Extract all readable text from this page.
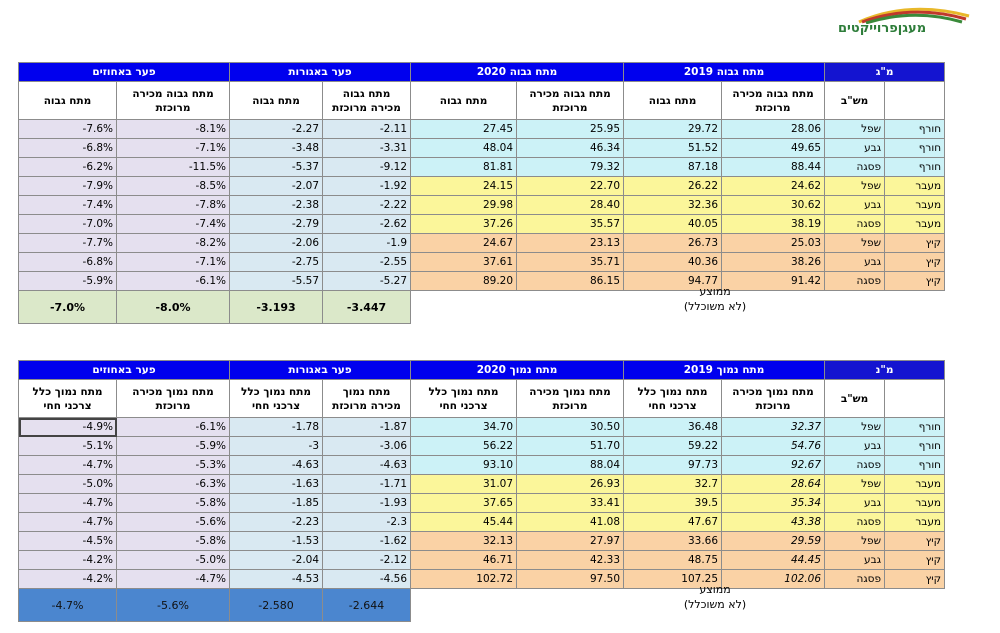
מעגןפרוייקטים
פער באחוזים		פער באגורות		מתח גבוה 2020		מתח גבוה 2019		מ"ג	
מתח גבוה	מתח גבוה מכירה מרוכזת	מתח גבוה	מתח גבוה מכירה מרוכזת	מתח גבוה	מתח גבוה מכירה מרוכזת	מתח גבוה	מתח גבוה מכירה מרוכזת	מש"ב	
-7.6%	-8.1%	-2.27	-2.11	27.45	25.95	29.72	28.06	שפל	חורף
-6.8%	-7.1%	-3.48	-3.31	48.04	46.34	51.52	49.65	גבע	חורף
-6.2%	-11.5%	-5.37	-9.12	81.81	79.32	87.18	88.44	פסגה	חורף
-7.9%	-8.5%	-2.07	-1.92	24.15	22.70	26.22	24.62	שפל	מעבר
-7.4%	-7.8%	-2.38	-2.22	29.98	28.40	32.36	30.62	גבע	מעבר
-7.0%	-7.4%	-2.79	-2.62	37.26	35.57	40.05	38.19	פסגה	מעבר
-7.7%	-8.2%	-2.06	-1.9	24.67	23.13	26.73	25.03	שפל	קיץ
-6.8%	-7.1%	-2.75	-2.55	37.61	35.71	40.36	38.26	גבע	קיץ
-5.9%	-6.1%	-5.57	-5.27	89.20	86.15	94.77	91.42	פסגה	קיץ
-7.0%	-8.0%	-3.193	-3.447						
ממוצע
(לא משוכלל)
פער באחוזים		פער באגורות		מתח נמוך 2020		מתח נמוך 2019		מ"נ	
מתח נמוך כלל צרכני חחי	מתח נמוך מכירה מרוכזת	מתח נמוך כלל צרכני חחי	מתח נמוך מכירה מרוכזת	מתח נמוך כלל צרכני חחי	מתח נמוך מכירה מרוכזת	מתח נמוך כלל צרכני חחי	מתח נמוך מכירה מרוכזת	מש"ב	
-4.9%	-6.1%	-1.78	-1.87	34.70	30.50	36.48	32.37	שפל	חורף
-5.1%	-5.9%	-3	-3.06	56.22	51.70	59.22	54.76	גבע	חורף
-4.7%	-5.3%	-4.63	-4.63	93.10	88.04	97.73	92.67	פסגה	חורף
-5.0%	-6.3%	-1.63	-1.71	31.07	26.93	32.7	28.64	שפל	מעבר
-4.7%	-5.8%	-1.85	-1.93	37.65	33.41	39.5	35.34	גבע	מעבר
-4.7%	-5.6%	-2.23	-2.3	45.44	41.08	47.67	43.38	פסגה	מעבר
-4.5%	-5.8%	-1.53	-1.62	32.13	27.97	33.66	29.59	שפל	קיץ
-4.2%	-5.0%	-2.04	-2.12	46.71	42.33	48.75	44.45	גבע	קיץ
-4.2%	-4.7%	-4.53	-4.56	102.72	97.50	107.25	102.06	פסגה	קיץ
-4.7%	-5.6%	-2.580	-2.644						
ממוצע
(לא משוכלל)
